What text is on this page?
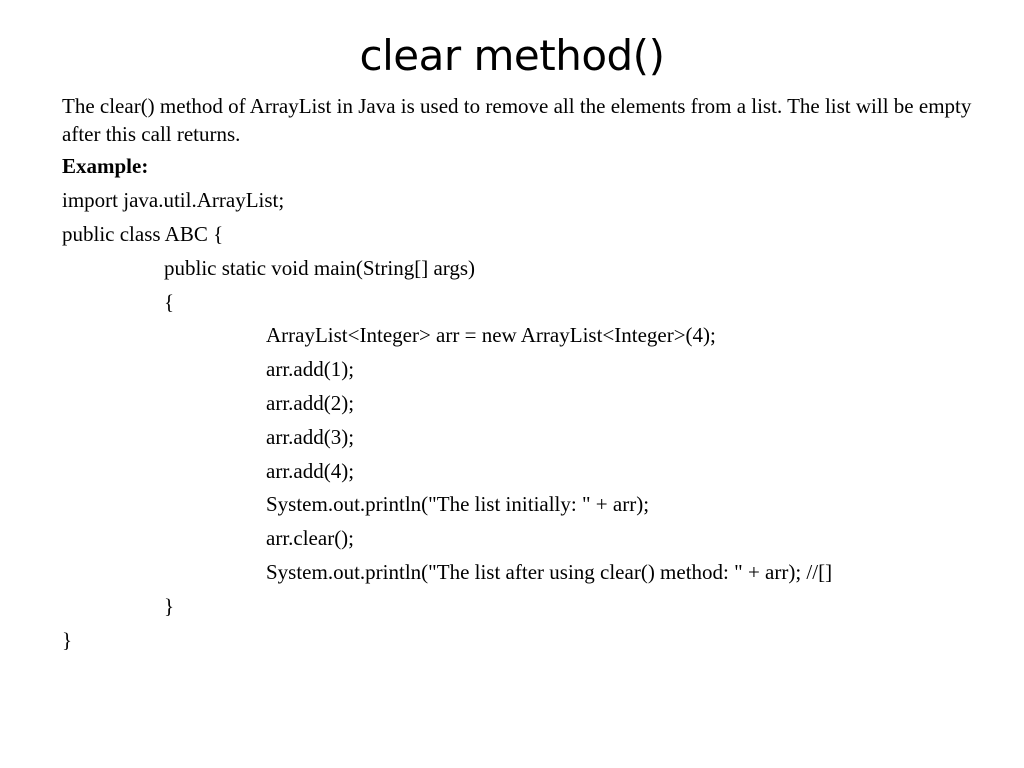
clear method()

The clear() method of ArrayList in Java is used to remove all the elements from a list. The list will be empty after this call returns.

Example:

import java.util.ArrayList;

public class ABC {

public static void main(String[] args)

{

ArrayList<Integer> arr = new ArrayList<Integer>(4);

arr.add(1);

arr.add(2);

arr.add(3);

arr.add(4);

System.out.println("The list initially: " + arr);

arr.clear();

System.out.println("The list after using clear() method: " + arr); //[]

}

}
